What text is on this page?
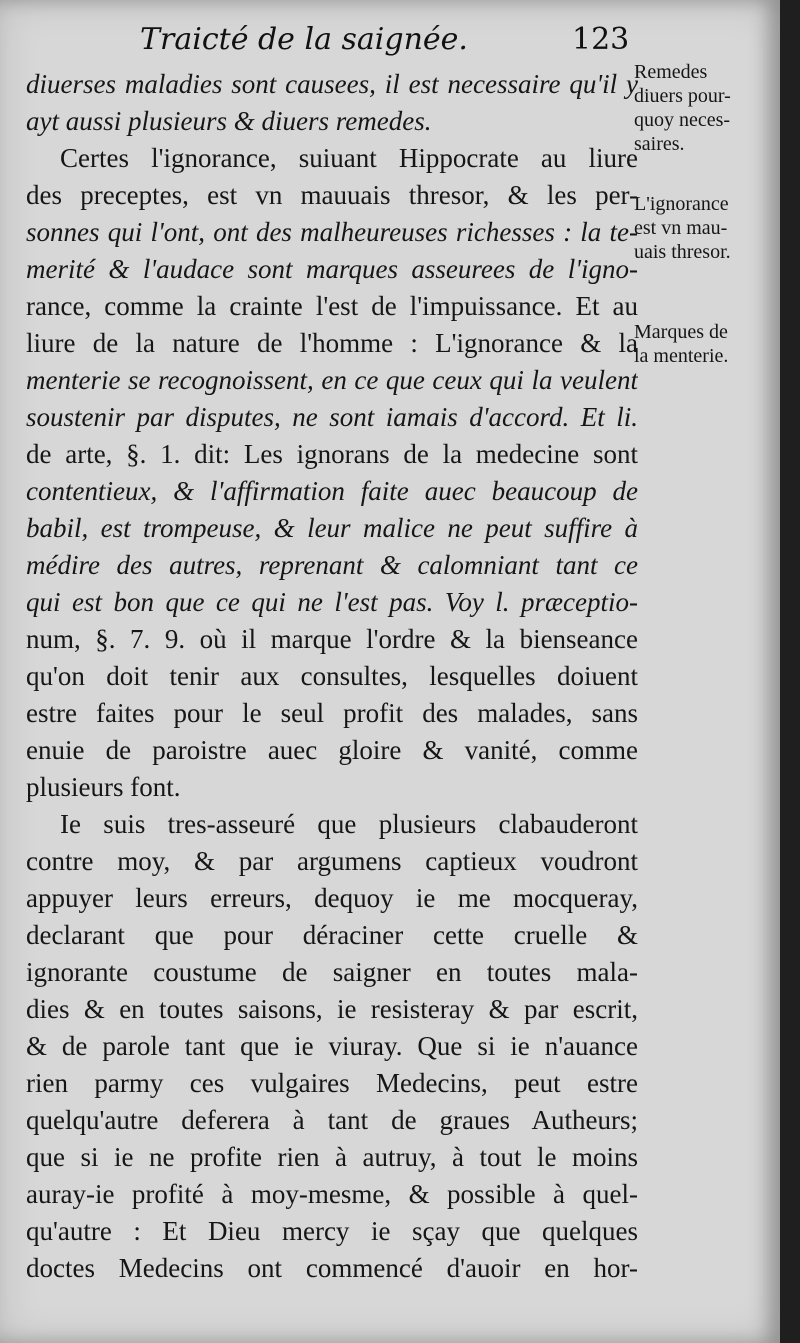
Traicté de la saignée.	123
diuerses maladies sont causees, il est necessaire qu'il y
ayt aussi plusieurs & diuers remedes.
Certes l'ignorance, suiuant Hippocrate au liure
des preceptes, est vn mauuais thresor, & les per-
sonnes qui l'ont, ont des malheureuses richesses : la te-
merité & l'audace sont marques asseurees de l'igno-
rance, comme la crainte l'est de l'impuissance. Et au
liure de la nature de l'homme : L'ignorance & la
menterie se recognoissent, en ce que ceux qui la veulent
soustenir par disputes, ne sont iamais d'accord. Et li.
de arte, §. 1. dit: Les ignorans de la medecine sont
contentieux, & l'affirmation faite auec beaucoup de
babil, est trompeuse, & leur malice ne peut suffire à
médire des autres, reprenant & calomniant tant ce
qui est bon que ce qui ne l'est pas. Voy l. præceptio-
num, §. 7. 9. où il marque l'ordre & la bienseance
qu'on doit tenir aux consultes, lesquelles doiuent
estre faites pour le seul profit des malades, sans
enuie de paroistre auec gloire & vanité, comme
plusieurs font.
Ie suis tres-asseuré que plusieurs clabauderont
contre moy, & par argumens captieux voudront
appuyer leurs erreurs, dequoy ie me mocqueray,
declarant que pour déraciner cette cruelle &
ignorante coustume de saigner en toutes mala-
dies & en toutes saisons, ie resisteray & par escrit,
& de parole tant que ie viuray. Que si ie n'auance
rien parmy ces vulgaires Medecins, peut estre
quelqu'autre deferera à tant de graues Autheurs;
que si ie ne profite rien à autruy, à tout le moins
auray-ie profité à moy-mesme, & possible à quel-
qu'autre : Et Dieu mercy ie sçay que quelques
doctes Medecins ont commencé d'auoir en hor-
Remedes
diuers pour-
quoy neces-
saires.
L'ignorance
est vn mau-
uais thresor.
Marques de
la menterie.
